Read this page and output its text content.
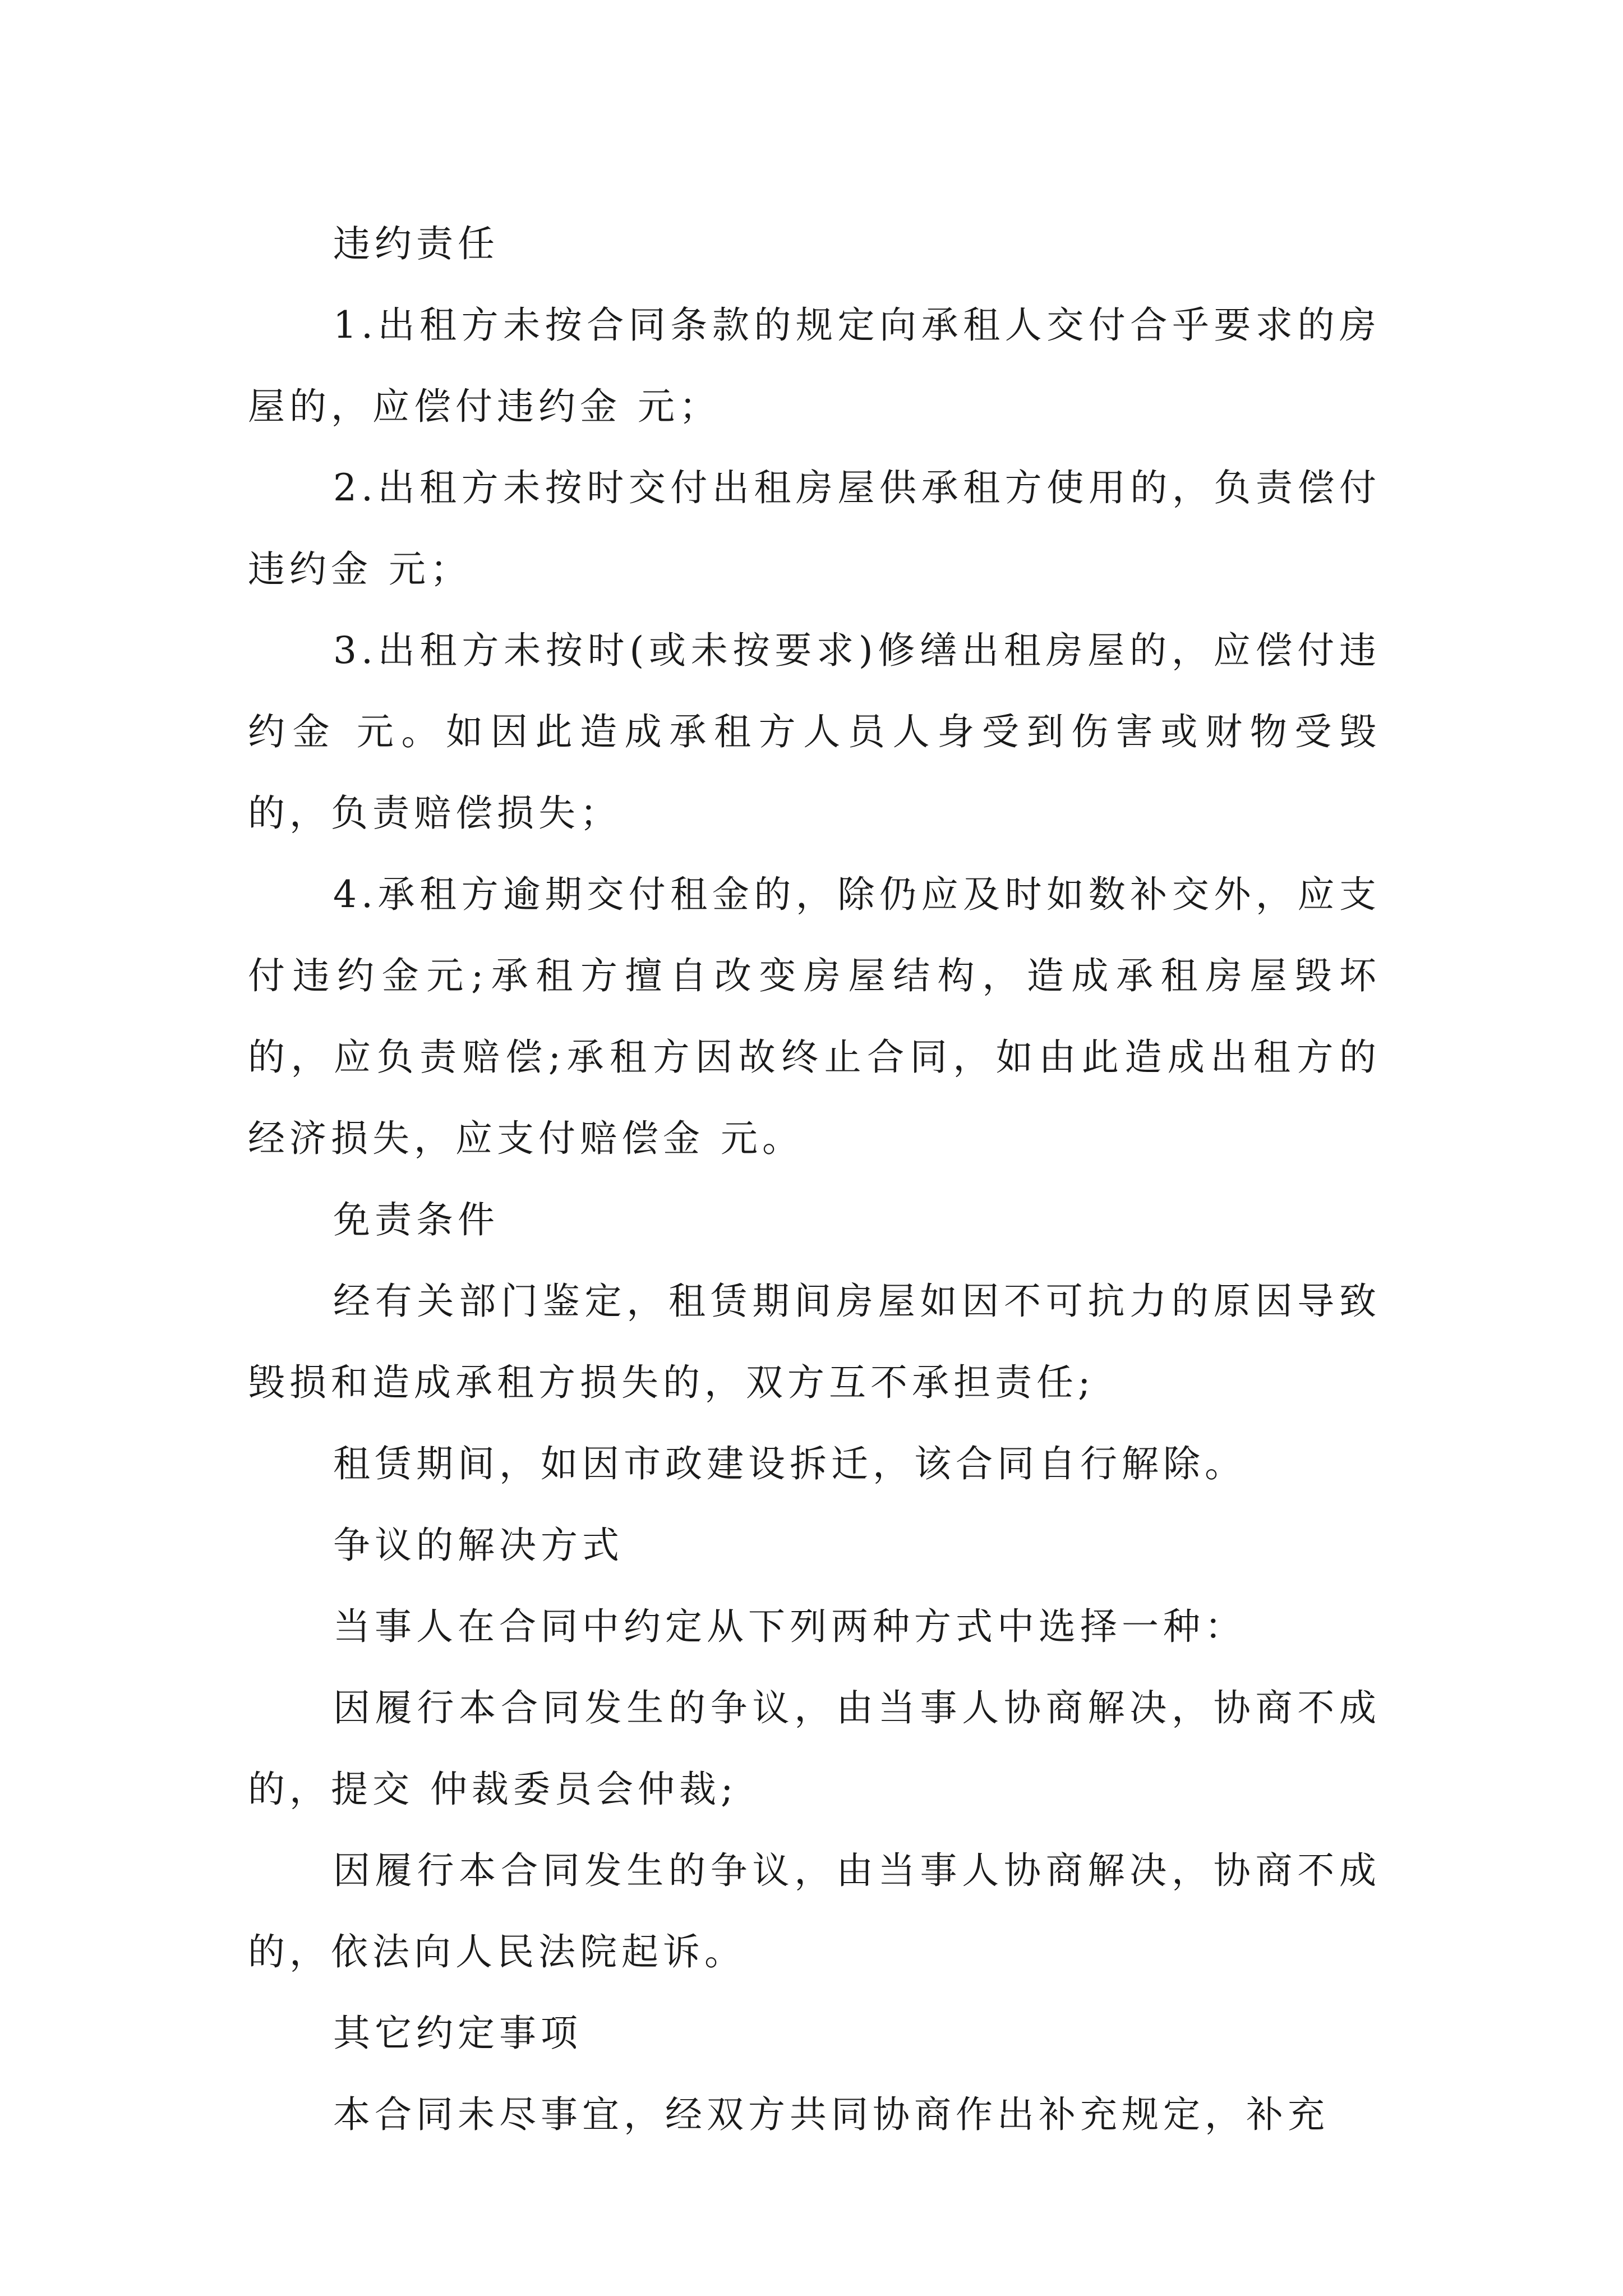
违约责任

1.出租方未按合同条款的规定向承租人交付合乎要求的房屋的，应偿付违约金 元；

2.出租方未按时交付出租房屋供承租方使用的，负责偿付违约金 元；

3.出租方未按时(或未按要求)修缮出租房屋的，应偿付违约金 元。如因此造成承租方人员人身受到伤害或财物受毁的，负责赔偿损失；

4.承租方逾期交付租金的，除仍应及时如数补交外，应支付违约金元;承租方擅自改变房屋结构，造成承租房屋毁坏的，应负责赔偿;承租方因故终止合同，如由此造成出租方的经济损失，应支付赔偿金 元。

免责条件

经有关部门鉴定，租赁期间房屋如因不可抗力的原因导致毁损和造成承租方损失的，双方互不承担责任;

租赁期间，如因市政建设拆迁，该合同自行解除。

争议的解决方式

当事人在合同中约定从下列两种方式中选择一种：

因履行本合同发生的争议，由当事人协商解决，协商不成的，提交 仲裁委员会仲裁;

因履行本合同发生的争议，由当事人协商解决，协商不成的，依法向人民法院起诉。

其它约定事项

本合同未尽事宜，经双方共同协商作出补充规定，补充
